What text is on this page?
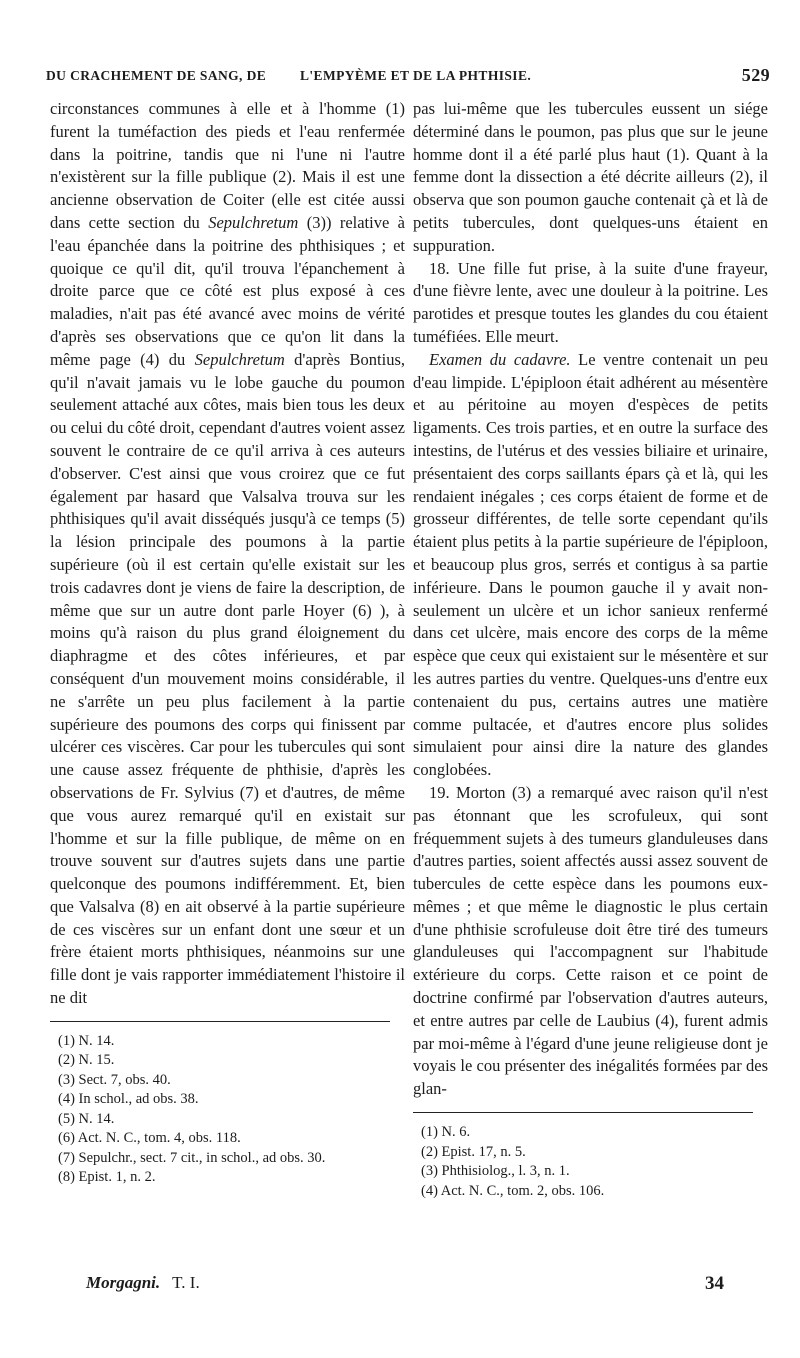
DU CRACHEMENT DE SANG, DE	L'EMPYÈME ET DE LA PHTHISIE.	529

circonstances communes à elle et à l'homme (1) furent la tuméfaction des pieds et l'eau renfermée dans la poitrine, tandis que ni l'une ni l'autre n'existèrent sur la fille publique (2). Mais il est une ancienne observation de Coiter (elle est citée aussi dans cette section du Sepulchretum (3)) relative à l'eau épanchée dans la poitrine des phthisiques ; et quoique ce qu'il dit, qu'il trouva l'épanchement à droite parce que ce côté est plus exposé à ces maladies, n'ait pas été avancé avec moins de vérité d'après ses observations que ce qu'on lit dans la même page (4) du Sepulchretum d'après Bontius, qu'il n'avait jamais vu le lobe gauche du poumon seulement attaché aux côtes, mais bien tous les deux ou celui du côté droit, cependant d'autres voient assez souvent le contraire de ce qu'il arriva à ces auteurs d'observer. C'est ainsi que vous croirez que ce fut également par hasard que Valsalva trouva sur les phthisiques qu'il avait disséqués jusqu'à ce temps (5) la lésion principale des poumons à la partie supérieure (où il est certain qu'elle existait sur les trois cadavres dont je viens de faire la description, de même que sur un autre dont parle Hoyer (6) ), à moins qu'à raison du plus grand éloignement du diaphragme et des côtes inférieures, et par conséquent d'un mouvement moins considérable, il ne s'arrête un peu plus facilement à la partie supérieure des poumons des corps qui finissent par ulcérer ces viscères. Car pour les tubercules qui sont une cause assez fréquente de phthisie, d'après les observations de Fr. Sylvius (7) et d'autres, de même que vous aurez remarqué qu'il en existait sur l'homme et sur la fille publique, de même on en trouve souvent sur d'autres sujets dans une partie quelconque des poumons indifféremment. Et, bien que Valsalva (8) en ait observé à la partie supérieure de ces viscères sur un enfant dont une sœur et un frère étaient morts phthisiques, néanmoins sur une fille dont je vais rapporter immédiatement l'histoire il ne dit

(1) N. 14.
(2) N. 15.
(3) Sect. 7, obs. 40.
(4) In schol., ad obs. 38.
(5) N. 14.
(6) Act. N. C., tom. 4, obs. 118.
(7) Sepulchr., sect. 7 cit., in schol., ad obs. 30.
(8) Epist. 1, n. 2.

pas lui-même que les tubercules eussent un siége déterminé dans le poumon, pas plus que sur le jeune homme dont il a été parlé plus haut (1). Quant à la femme dont la dissection a été décrite ailleurs (2), il observa que son poumon gauche contenait çà et là de petits tubercules, dont quelques-uns étaient en suppuration.

18. Une fille fut prise, à la suite d'une frayeur, d'une fièvre lente, avec une douleur à la poitrine. Les parotides et presque toutes les glandes du cou étaient tuméfiées. Elle meurt.

Examen du cadavre. Le ventre contenait un peu d'eau limpide. L'épiploon était adhérent au mésentère et au péritoine au moyen d'espèces de petits ligaments. Ces trois parties, et en outre la surface des intestins, de l'utérus et des vessies biliaire et urinaire, présentaient des corps saillants épars çà et là, qui les rendaient inégales ; ces corps étaient de forme et de grosseur différentes, de telle sorte cependant qu'ils étaient plus petits à la partie supérieure de l'épiploon, et beaucoup plus gros, serrés et contigus à sa partie inférieure. Dans le poumon gauche il y avait non-seulement un ulcère et un ichor sanieux renfermé dans cet ulcère, mais encore des corps de la même espèce que ceux qui existaient sur le mésentère et sur les autres parties du ventre. Quelques-uns d'entre eux contenaient du pus, certains autres une matière comme pultacée, et d'autres encore plus solides simulaient pour ainsi dire la nature des glandes conglobées.

19. Morton (3) a remarqué avec raison qu'il n'est pas étonnant que les scrofuleux, qui sont fréquemment sujets à des tumeurs glanduleuses dans d'autres parties, soient affectés aussi assez souvent de tubercules de cette espèce dans les poumons eux-mêmes ; et que même le diagnostic le plus certain d'une phthisie scrofuleuse doit être tiré des tumeurs glanduleuses qui l'accompagnent sur l'habitude extérieure du corps. Cette raison et ce point de doctrine confirmé par l'observation d'autres auteurs, et entre autres par celle de Laubius (4), furent admis par moi-même à l'égard d'une jeune religieuse dont je voyais le cou présenter des inégalités formées par des glan-

(1) N. 6.
(2) Epist. 17, n. 5.
(3) Phthisiolog., l. 3, n. 1.
(4) Act. N. C., tom. 2, obs. 106.
Morgagni. T. I.	34
